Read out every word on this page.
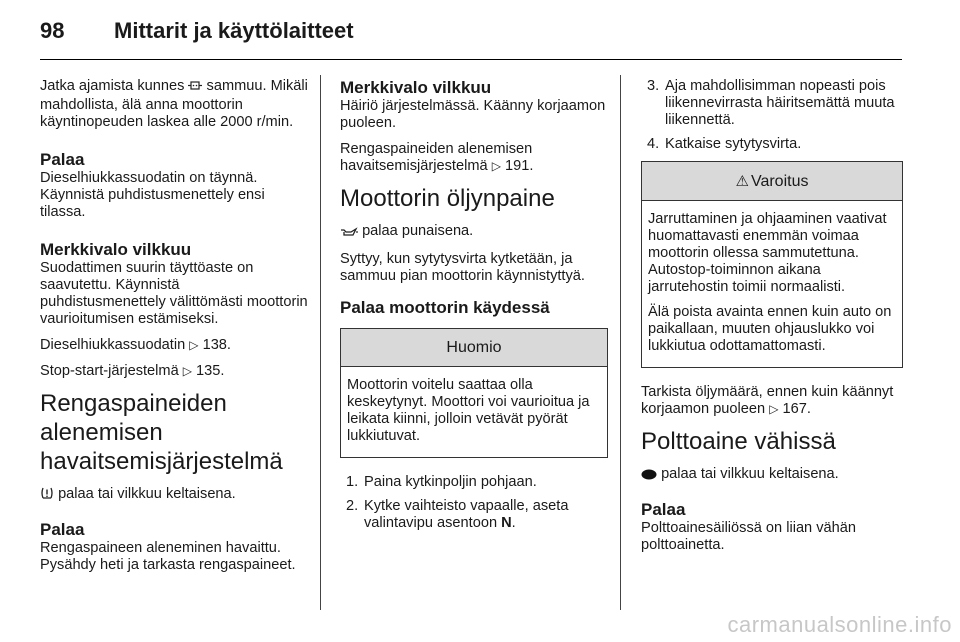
98 Mittarit ja käyttölaitteet

Jatka ajamista kunnes sammuu. Mikäli mahdollista, älä anna moottorin käyntinopeuden laskea alle 2000 r/min.

Palaa

Dieselhiukkassuodatin on täynnä. Käynnistä puhdistusmenettely ensi tilassa.

Merkkivalo vilkkuu

Suodattimen suurin täyttöaste on saavutettu. Käynnistä puhdistusmenettely välittömästi moottorin vaurioitumisen estämiseksi.

Dieselhiukkassuodatin ▷ 138.

Stop-start-järjestelmä ▷ 135.

Rengaspaineiden alenemisen havaitsemisjärjestelmä

palaa tai vilkkuu keltaisena.

Palaa

Rengaspaineen aleneminen havaittu. Pysähdy heti ja tarkasta rengaspaineet.

Merkkivalo vilkkuu

Häiriö järjestelmässä. Käänny korjaamon puoleen.

Rengaspaineiden alenemisen havaitsemisjärjestelmä ▷ 191.

Moottorin öljynpaine

palaa punaisena.

Syttyy, kun sytytysvirta kytketään, ja sammuu pian moottorin käynnistyttyä.

Palaa moottorin käydessä
Huomio

Moottorin voitelu saattaa olla keskeytynyt. Moottori voi vaurioitua ja leikata kiinni, jolloin vetävät pyörät lukkiutuvat.

1. Paina kytkinpoljin pohjaan.
2. Kytke vaihteisto vapaalle, aseta valintavipu asentoon N.
3. Aja mahdollisimman nopeasti pois liikennevirrasta häiritsemättä muuta liikennettä.
4. Katkaise sytytysvirta.
⚠ Varoitus

Jarruttaminen ja ohjaaminen vaativat huomattavasti enemmän voimaa moottorin ollessa sammutettuna. Autostop-toiminnon aikana jarrutehostin toimii normaalisti.

Älä poista avainta ennen kuin auto on paikallaan, muuten ohjauslukko voi lukkiutua odottamattomasti.

Tarkista öljymäärä, ennen kuin käännyt korjaamon puoleen ▷ 167.

Polttoaine vähissä

palaa tai vilkkuu keltaisena.

Palaa

Polttoainesäiliössä on liian vähän polttoainetta.

carmanualsonline.info
